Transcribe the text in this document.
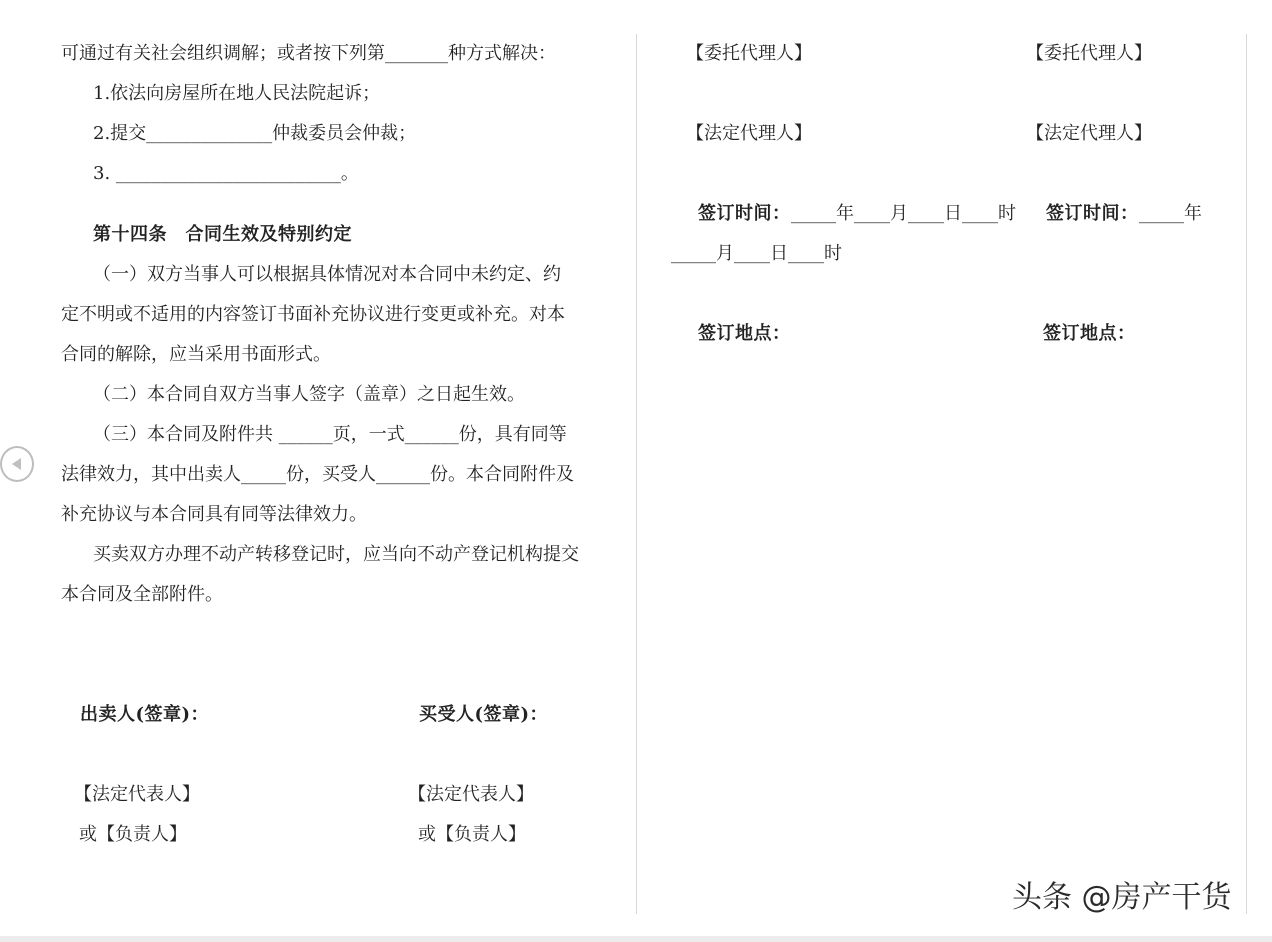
可通过有关社会组织调解；或者按下列第_______种方式解决：
1.依法向房屋所在地人民法院起诉；
2.提交______________仲裁委员会仲裁；
3. _________________________。
第十四条　合同生效及特别约定
（一）双方当事人可以根据具体情况对本合同中未约定、约
定不明或不适用的内容签订书面补充协议进行变更或补充。对本
合同的解除，应当采用书面形式。
（二）本合同自双方当事人签字（盖章）之日起生效。
（三）本合同及附件共 ______页，一式______份，具有同等
法律效力，其中出卖人_____份，买受人______份。本合同附件及
补充协议与本合同具有同等法律效力。
买卖双方办理不动产转移登记时，应当向不动产登记机构提交
本合同及全部附件。
出卖人(签章)：	买受人(签章)：
【法定代表人】	【法定代表人】
或【负责人】	或【负责人】
【委托代理人】	【委托代理人】
【法定代理人】	【法定代理人】
签订时间： _____年____月____日____时 签订时间： _____年
_____月____日____时
签订地点：	签订地点：
头条 @房产干货
